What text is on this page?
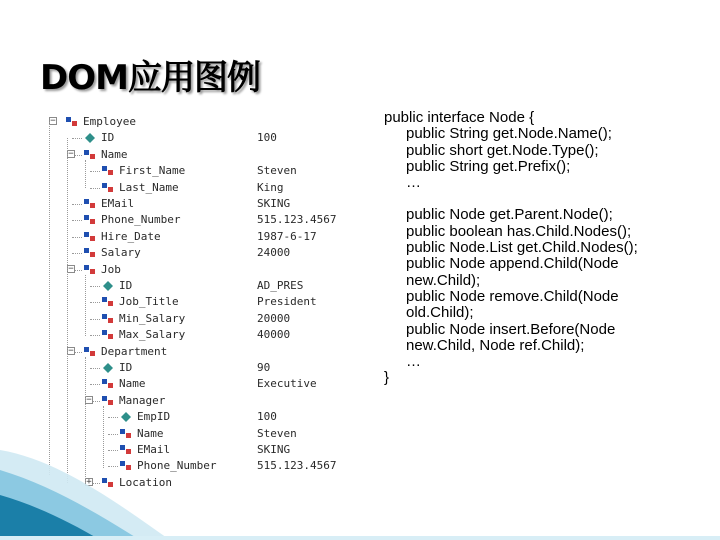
DOM应用图例
− Employee
ID	100
− Name
First_Name	Steven
Last_Name	King
EMail	SKING
Phone_Number	515.123.4567
Hire_Date	1987-6-17
Salary	24000
− Job
ID	AD_PRES
Job_Title	President
Min_Salary	20000
Max_Salary	40000
− Department
ID	90
Name	Executive
− Manager
EmpID	100
Name	Steven
EMail	SKING
Phone_Number	515.123.4567
+ Location
public interface Node {
public String get.Node.Name();
public short get.Node.Type();
public String get.Prefix();
…
public Node get.Parent.Node();
public boolean has.Child.Nodes();
public Node.List get.Child.Nodes();
public Node append.Child(Node
new.Child);
public Node remove.Child(Node
old.Child);
public Node insert.Before(Node
new.Child, Node ref.Child);
…
}
